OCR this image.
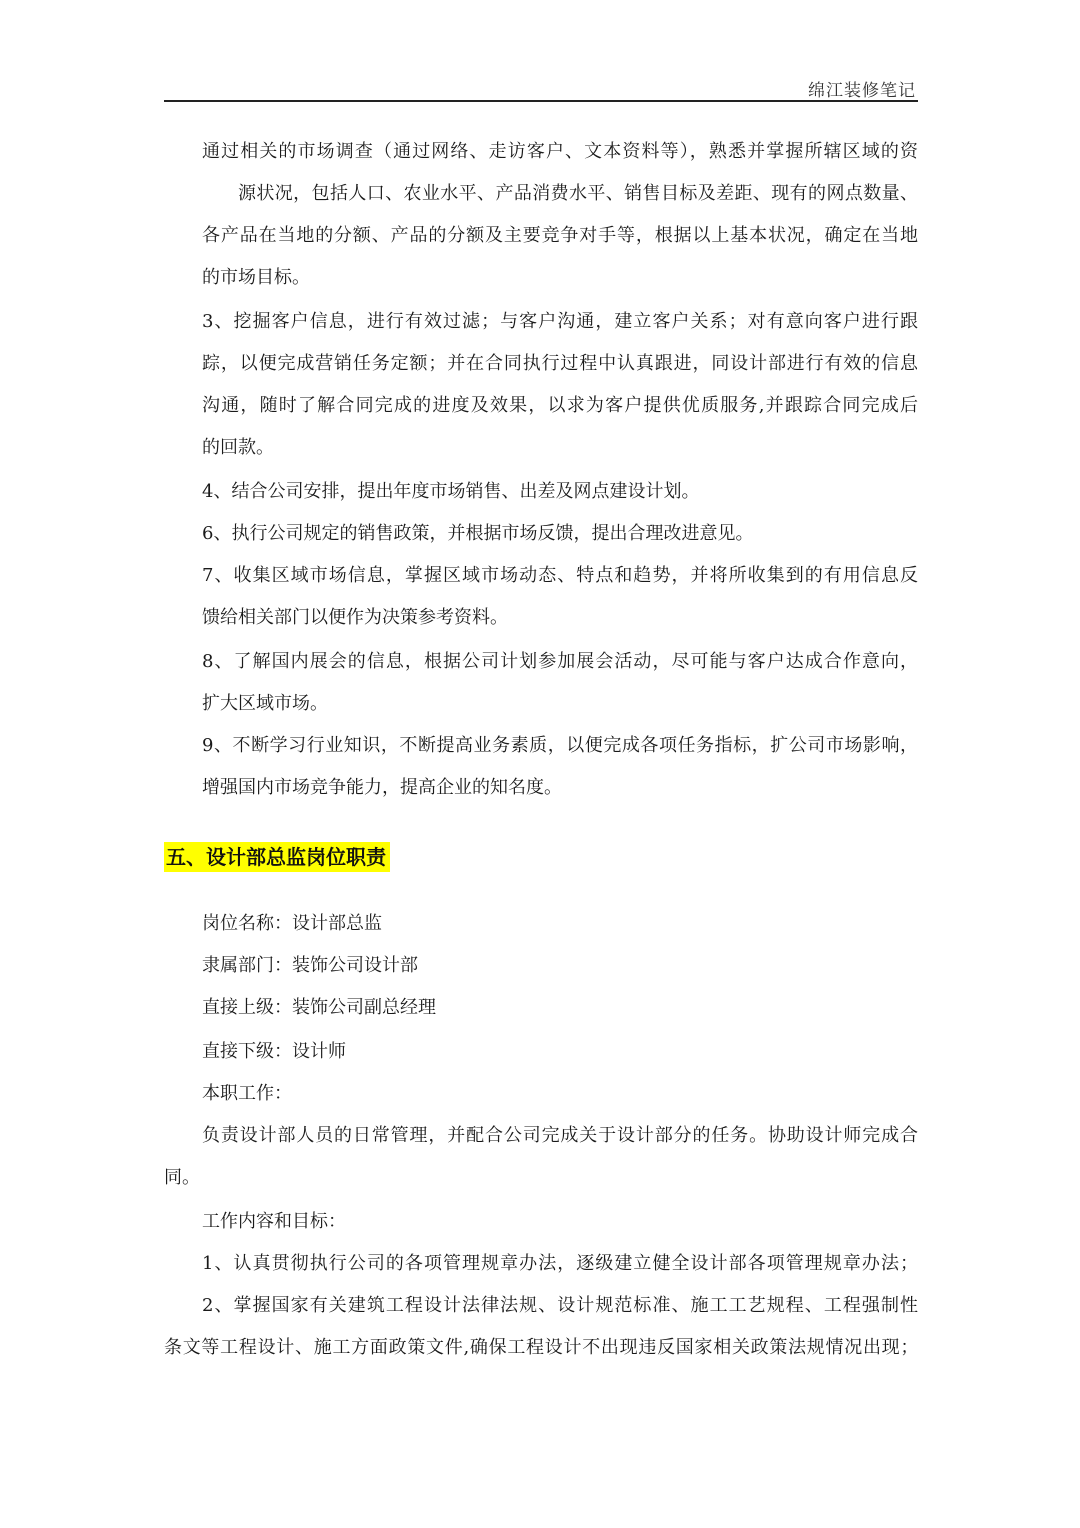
绵江装修笔记
通过相关的市场调查（通过网络、走访客户、文本资料等），熟悉并掌握所辖区域的资
源状况，包括人口、农业水平、产品消费水平、销售目标及差距、现有的网点数量、
各产品在当地的分额、产品的分额及主要竞争对手等，根据以上基本状况，确定在当地
的市场目标。
3、挖掘客户信息，进行有效过滤；与客户沟通，建立客户关系；对有意向客户进行跟
踪，以便完成营销任务定额；并在合同执行过程中认真跟进，同设计部进行有效的信息
沟通，随时了解合同完成的进度及效果，以求为客户提供优质服务,并跟踪合同完成后
的回款。
4、结合公司安排，提出年度市场销售、出差及网点建设计划。
6、执行公司规定的销售政策，并根据市场反馈，提出合理改进意见。
7、收集区域市场信息，掌握区域市场动态、特点和趋势，并将所收集到的有用信息反
馈给相关部门以便作为决策参考资料。
8、了解国内展会的信息，根据公司计划参加展会活动，尽可能与客户达成合作意向，
扩大区域市场。
9、不断学习行业知识，不断提高业务素质，以便完成各项任务指标，扩公司市场影响，
增强国内市场竞争能力，提高企业的知名度。
五、设计部总监岗位职责
岗位名称：设计部总监
隶属部门：装饰公司设计部
直接上级：装饰公司副总经理
直接下级：设计师
本职工作：
负责设计部人员的日常管理，并配合公司完成关于设计部分的任务。协助设计师完成合
同。
工作内容和目标：
1、认真贯彻执行公司的各项管理规章办法，逐级建立健全设计部各项管理规章办法；
2、掌握国家有关建筑工程设计法律法规、设计规范标准、施工工艺规程、工程强制性
条文等工程设计、施工方面政策文件,确保工程设计不出现违反国家相关政策法规情况出现；
